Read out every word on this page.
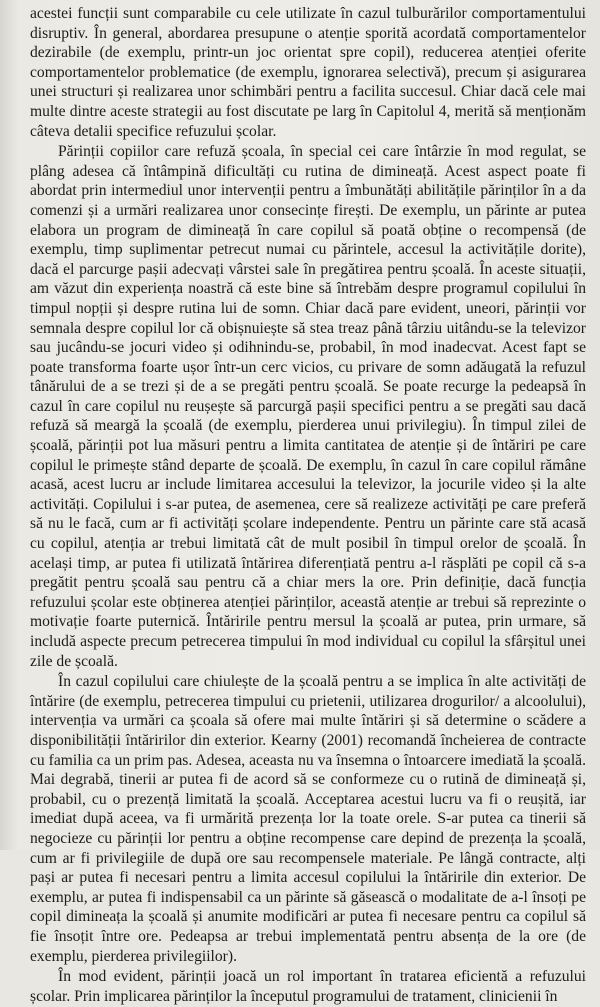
acestei funcții sunt comparabile cu cele utilizate în cazul tulburărilor comportamentului disruptiv. În general, abordarea presupune o atenție sporită acordată comportamentelor dezirabile (de exemplu, printr-un joc orientat spre copil), reducerea atenției oferite comportamentelor problematice (de exemplu, ignorarea selectivă), precum și asigurarea unei structuri și realizarea unor schimbări pentru a facilita succesul. Chiar dacă cele mai multe dintre aceste strategii au fost discutate pe larg în Capitolul 4, merită să menționăm câteva detalii specifice refuzului școlar.

Părinții copiilor care refuză școala, în special cei care întârzie în mod regulat, se plâng adesea că întâmpină dificultăți cu rutina de dimineață. Acest aspect poate fi abordat prin intermediul unor intervenții pentru a îmbunătăți abilitățile părinților în a da comenzi și a urmări realizarea unor consecințe firești. De exemplu, un părinte ar putea elabora un program de dimineață în care copilul să poată obține o recompensă (de exemplu, timp suplimentar petrecut numai cu părintele, accesul la activitățile dorite), dacă el parcurge pașii adecvați vârstei sale în pregătirea pentru școală. În aceste situații, am văzut din experiența noastră că este bine să întrebăm despre programul copilului în timpul nopții și despre rutina lui de somn. Chiar dacă pare evident, uneori, părinții vor semnala despre copilul lor că obișnuiește să stea treaz până târziu uitându-se la televizor sau jucându-se jocuri video și odihnindu-se, probabil, în mod inadecvat. Acest fapt se poate transforma foarte ușor într-un cerc vicios, cu privare de somn adăugată la refuzul tânărului de a se trezi și de a se pregăti pentru școală. Se poate recurge la pedeapsă în cazul în care copilul nu reușește să parcurgă pașii specifici pentru a se pregăti sau dacă refuză să meargă la școală (de exemplu, pierderea unui privilegiu). În timpul zilei de școală, părinții pot lua măsuri pentru a limita cantitatea de atenție și de întăriri pe care copilul le primește stând departe de școală. De exemplu, în cazul în care copilul rămâne acasă, acest lucru ar include limitarea accesului la televizor, la jocurile video și la alte activități. Copilului i s-ar putea, de asemenea, cere să realizeze activități pe care preferă să nu le facă, cum ar fi activități școlare independente. Pentru un părinte care stă acasă cu copilul, atenția ar trebui limitată cât de mult posibil în timpul orelor de școală. În același timp, ar putea fi utilizată întărirea diferențiată pentru a-l răsplăti pe copil că s-a pregătit pentru școală sau pentru că a chiar mers la ore. Prin definiție, dacă funcția refuzului școlar este obținerea atenției părinților, această atenție ar trebui să reprezinte o motivație foarte puternică. Întăririle pentru mersul la școală ar putea, prin urmare, să includă aspecte precum petrecerea timpului în mod individual cu copilul la sfârșitul unei zile de școală.

În cazul copilului care chiulește de la școală pentru a se implica în alte activități de întărire (de exemplu, petrecerea timpului cu prietenii, utilizarea drogurilor/ a alcoolului), intervenția va urmări ca școala să ofere mai multe întăriri și să determine o scădere a disponibilității întăririlor din exterior. Kearny (2001) recomandă încheierea de contracte cu familia ca un prim pas. Adesea, aceasta nu va însemna o întoarcere imediată la școală. Mai degrabă, tinerii ar putea fi de acord să se conformeze cu o rutină de dimineață și, probabil, cu o prezență limitată la școală. Acceptarea acestui lucru va fi o reușită, iar imediat după aceea, va fi urmărită prezența lor la toate orele. S-ar putea ca tinerii să negocieze cu părinții lor pentru a obține recompense care depind de prezența la școală, cum ar fi privilegiile de după ore sau recompensele materiale. Pe lângă contracte, alți pași ar putea fi necesari pentru a limita accesul copilului la întăririle din exterior. De exemplu, ar putea fi indispensabil ca un părinte să găsească o modalitate de a-l însoți pe copil dimineața la școală și anumite modificări ar putea fi necesare pentru ca copilul să fie însoțit între ore. Pedeapsa ar trebui implementată pentru absența de la ore (de exemplu, pierderea privilegiilor).

În mod evident, părinții joacă un rol important în tratarea eficientă a refuzului școlar. Prin implicarea părinților la începutul programului de tratament, clinicienii în
